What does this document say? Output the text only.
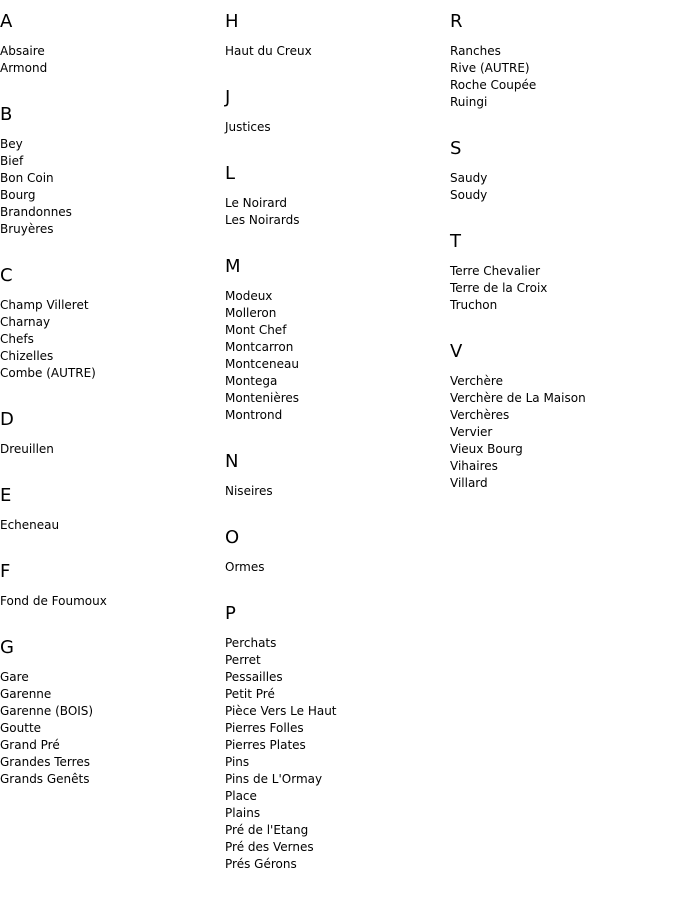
A
Absaire
Armond
B
Bey
Bief
Bon Coin
Bourg
Brandonnes
Bruyères
C
Champ Villeret
Charnay
Chefs
Chizelles
Combe (AUTRE)
D
Dreuillen
E
Echeneau
F
Fond de Foumoux
G
Gare
Garenne
Garenne (BOIS)
Goutte
Grand Pré
Grandes Terres
Grands Genêts
H
Haut du Creux
J
Justices
L
Le Noirard
Les Noirards
M
Modeux
Molleron
Mont Chef
Montcarron
Montceneau
Montega
Montenières
Montrond
N
Niseires
O
Ormes
P
Perchats
Perret
Pessailles
Petit Pré
Pièce Vers Le Haut
Pierres Folles
Pierres Plates
Pins
Pins de L'Ormay
Place
Plains
Pré de l'Etang
Pré des Vernes
Prés Gérons
R
Ranches
Rive (AUTRE)
Roche Coupée
Ruingi
S
Saudy
Soudy
T
Terre Chevalier
Terre de la Croix
Truchon
V
Verchère
Verchère de La Maison
Verchères
Vervier
Vieux Bourg
Vihaires
Villard
